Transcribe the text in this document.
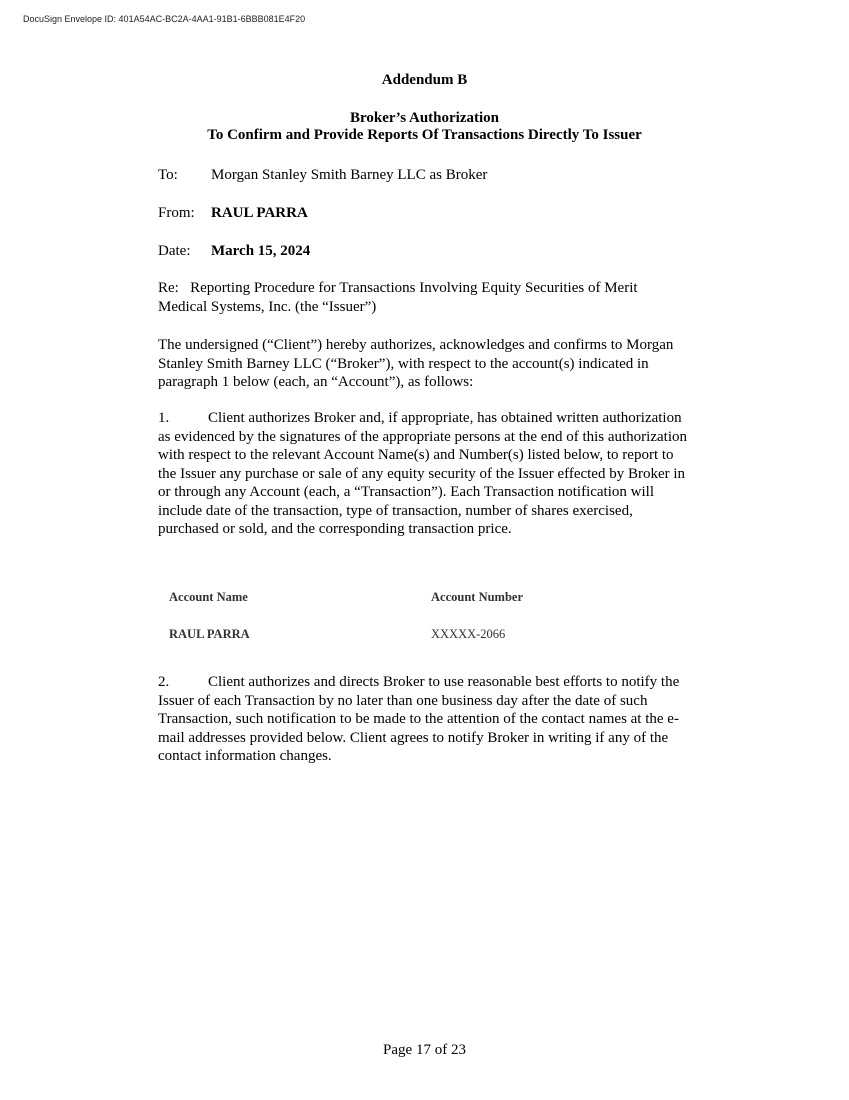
DocuSign Envelope ID: 401A54AC-BC2A-4AA1-91B1-6BBB081E4F20
Addendum B
Broker’s Authorization
To Confirm and Provide Reports Of Transactions Directly To Issuer
To: Morgan Stanley Smith Barney LLC as Broker
From: RAUL PARRA
Date: March 15, 2024

Re: Reporting Procedure for Transactions Involving Equity Securities of Merit Medical Systems, Inc. (the “Issuer”)

The undersigned (“Client”) hereby authorizes, acknowledges and confirms to Morgan Stanley Smith Barney LLC (“Broker”), with respect to the account(s) indicated in paragraph 1 below (each, an “Account”), as follows:

1.	Client authorizes Broker and, if appropriate, has obtained written authorization as evidenced by the signatures of the appropriate persons at the end of this authorization with respect to the relevant Account Name(s) and Number(s) listed below, to report to the Issuer any purchase or sale of any equity security of the Issuer effected by Broker in or through any Account (each, a “Transaction”). Each Transaction notification will include date of the transaction, type of transaction, number of shares exercised, purchased or sold, and the corresponding transaction price.

Account Name	Account Number
RAUL PARRA	XXXXX-2066

2.	Client authorizes and directs Broker to use reasonable best efforts to notify the Issuer of each Transaction by no later than one business day after the date of such Transaction, such notification to be made to the attention of the contact names at the e-mail addresses provided below. Client agrees to notify Broker in writing if any of the contact information changes.

Page 17 of 23
